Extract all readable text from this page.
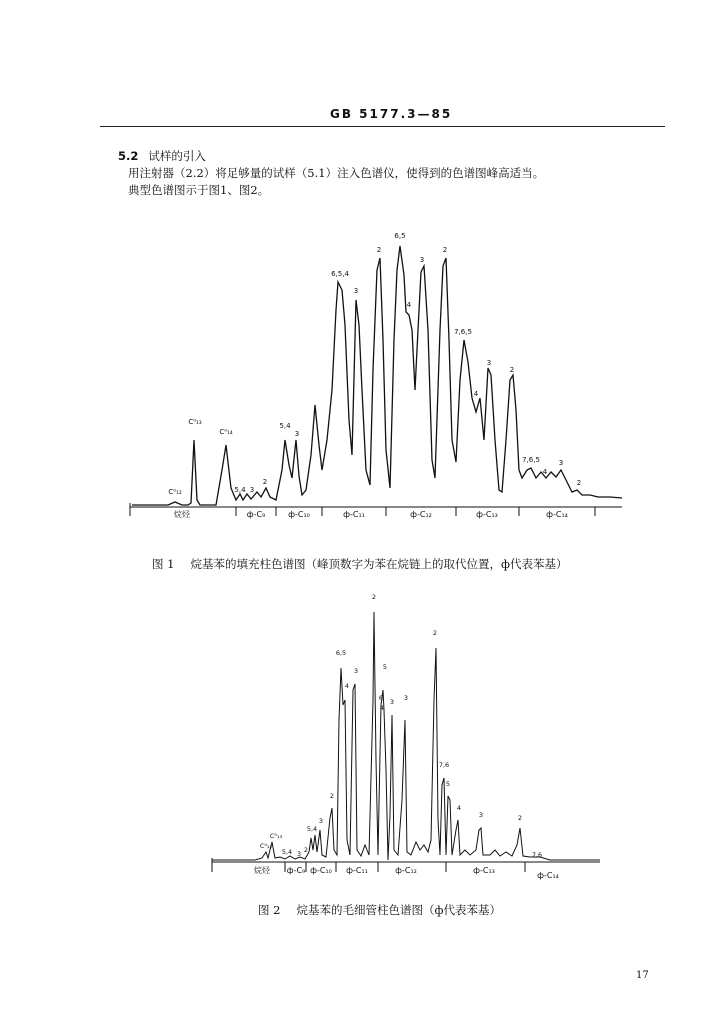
GB 5177.3—85
5.2 试样的引入
用注射器（2.2）将足够量的试样（5.1）注入色谱仪，使得到的色谱图峰高适当。
典型色谱图示于图1、图2。
C⁰₁₂
C⁰₁₃
C⁰₁₄
5,4 3
2
5,4
3
6,5,4
3
2
6,5
4
3
2
7,6,5
4
3
2
7,6,5
4
3
2
烷烃	ф-C₉	ф-C₁₀	ф-C₁₁	ф-C₁₂	ф-C₁₃	ф-C₁₄
C⁰₁₃
C⁰₁₂
5,4 3 2
5,4
3
2
6,5
4
3
2
5
6
4
3 3
2
7,6
5
4
3	2
7,6
烷烃 ф-C₉ ф-C₁₀ ф-C₁₁	ф-C₁₂	ф-C₁₃
ф-C₁₄
图 1 烷基苯的填充柱色谱图（峰顶数字为苯在烷链上的取代位置，ф代表苯基）
图 2 烷基苯的毛细管柱色谱图（ф代表苯基）
17
